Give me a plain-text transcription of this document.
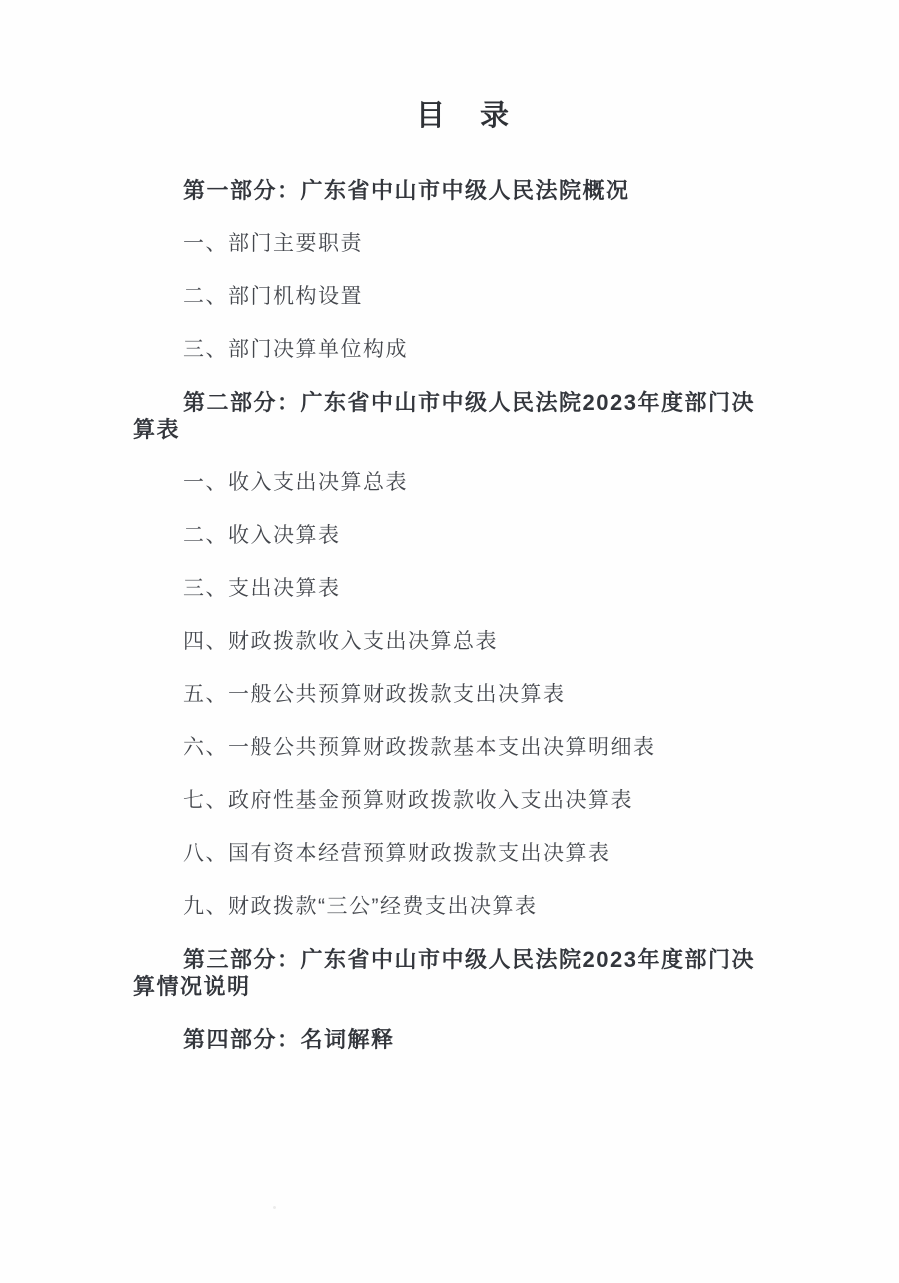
目　录

第一部分：广东省中山市中级人民法院概况

一、部门主要职责

二、部门机构设置

三、部门决算单位构成

第二部分：广东省中山市中级人民法院2023年度部门决算表

一、收入支出决算总表

二、收入决算表

三、支出决算表

四、财政拨款收入支出决算总表

五、一般公共预算财政拨款支出决算表

六、一般公共预算财政拨款基本支出决算明细表

七、政府性基金预算财政拨款收入支出决算表

八、国有资本经营预算财政拨款支出决算表

九、财政拨款“三公”经费支出决算表

第三部分：广东省中山市中级人民法院2023年度部门决算情况说明

第四部分：名词解释
